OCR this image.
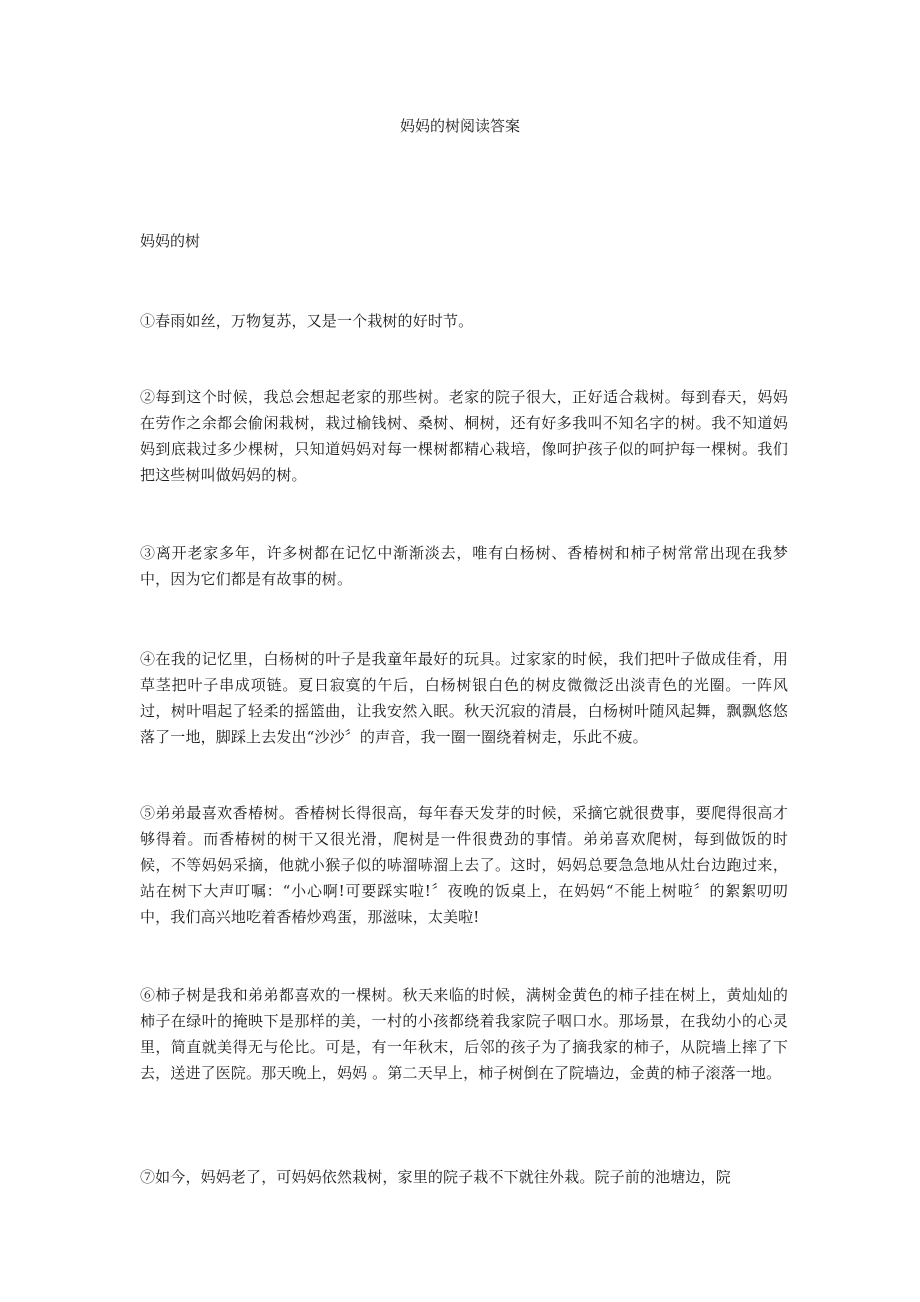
妈妈的树阅读答案
妈妈的树

①春雨如丝，万物复苏，又是一个栽树的好时节。

②每到这个时候，我总会想起老家的那些树。老家的院子很大，正好适合栽树。每到春天，妈妈在劳作之余都会偷闲栽树，栽过榆钱树、桑树、桐树，还有好多我叫不知名字的树。我不知道妈妈到底栽过多少棵树，只知道妈妈对每一棵树都精心栽培，像呵护孩子似的呵护每一棵树。我们把这些树叫做妈妈的树。

③离开老家多年，许多树都在记忆中渐渐淡去，唯有白杨树、香椿树和柿子树常常出现在我梦中，因为它们都是有故事的树。

④在我的记忆里，白杨树的叶子是我童年最好的玩具。过家家的时候，我们把叶子做成佳肴，用草茎把叶子串成项链。夏日寂寞的午后，白杨树银白色的树皮微微泛出淡青色的光圈。一阵风过，树叶唱起了轻柔的摇篮曲，让我安然入眠。秋天沉寂的清晨，白杨树叶随风起舞，飘飘悠悠落了一地，脚踩上去发出“沙沙〞的声音，我一圈一圈绕着树走，乐此不疲。

⑤弟弟最喜欢香椿树。香椿树长得很高，每年春天发芽的时候，采摘它就很费事，要爬得很高才够得着。而香椿树的树干又很光滑，爬树是一件很费劲的事情。弟弟喜欢爬树，每到做饭的时候，不等妈妈采摘，他就小猴子似的哧溜哧溜上去了。这时，妈妈总要急急地从灶台边跑过来，站在树下大声叮嘱：“小心啊!可要踩实啦!〞夜晚的饭桌上，在妈妈“不能上树啦〞的絮絮叨叨中，我们高兴地吃着香椿炒鸡蛋，那滋味，太美啦!

⑥柿子树是我和弟弟都喜欢的一棵树。秋天来临的时候，满树金黄色的柿子挂在树上，黄灿灿的柿子在绿叶的掩映下是那样的美，一村的小孩都绕着我家院子咽口水。那场景，在我幼小的心灵里，简直就美得无与伦比。可是，有一年秋末，后邻的孩子为了摘我家的柿子，从院墙上摔了下去，送进了医院。那天晚上，妈妈 。第二天早上，柿子树倒在了院墙边，金黄的柿子滚落一地。

⑦如今，妈妈老了，可妈妈依然栽树，家里的院子栽不下就往外栽。院子前的池塘边，院
